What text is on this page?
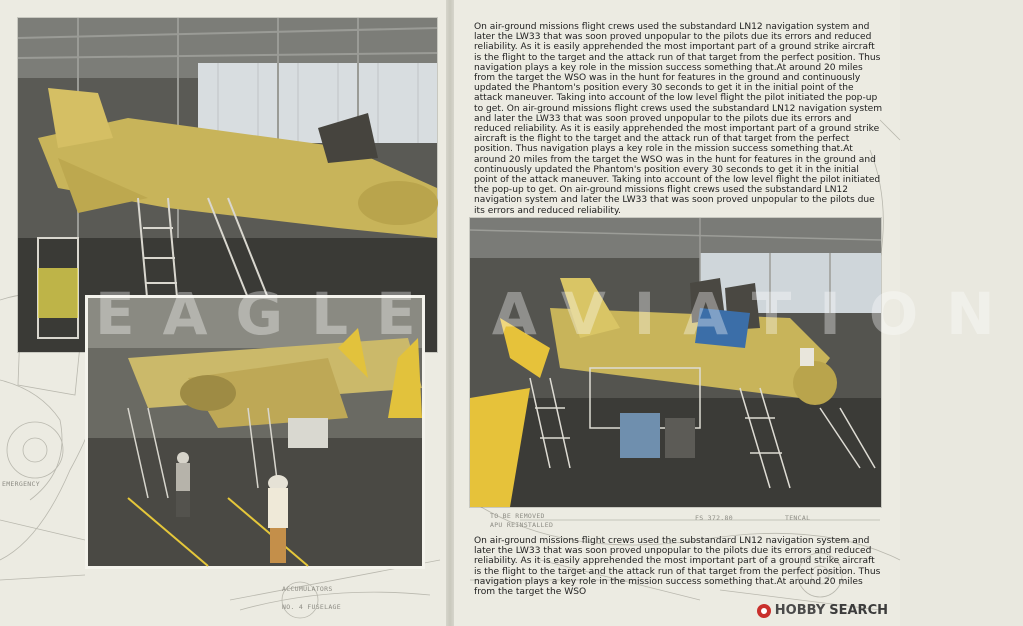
TO BE REMOVED
APU REINSTALLED
EMERGENCY
FS 372.80
NO. 4 FUSELAGE
ACCUMULATORS
TENCAL
EAGLE AVIATION

On air-ground missions flight crews used the substandard LN12 navigation system and later the LW33 that was soon proved unpopular to the pilots due its errors and reduced reliability. As it is easily apprehended the most important part of a ground strike aircraft is the flight to the target and the attack run of that target from the perfect position. Thus navigation plays a key role in the mission success something that.At around 20 miles from the target the WSO was in the hunt for features in the ground and continuously updated the Phantom's position every 30 seconds to get it in the initial point of the attack maneuver. Taking into account of the low level flight the pilot initiated the pop-up to get. On air-ground missions flight crews used the substandard LN12 navigation system and later the LW33 that was soon proved unpopular to the pilots due its errors and reduced reliability. As it is easily apprehended the most important part of a ground strike aircraft is the flight to the target and the attack run of that target from the perfect position. Thus navigation plays a key role in the mission success something that.At around 20 miles from the target the WSO was in the hunt for features in the ground and continuously updated the Phantom's position every 30 seconds to get it in the initial point of the attack maneuver. Taking into account of the low level flight the pilot initiated the pop-up to get. On air-ground missions flight crews used the substandard LN12 navigation system and later the LW33 that was soon proved unpopular to the pilots due its errors and reduced reliability.

On air-ground missions flight crews used the substandard LN12 navigation system and later the LW33 that was soon proved unpopular to the pilots due its errors and reduced reliability. As it is easily apprehended the most important part of a ground strike aircraft is the flight to the target and the attack run of that target from the perfect position. Thus navigation plays a key role in the mission success something that.At around 20 miles from the target the WSO

HOBBY SEARCH
